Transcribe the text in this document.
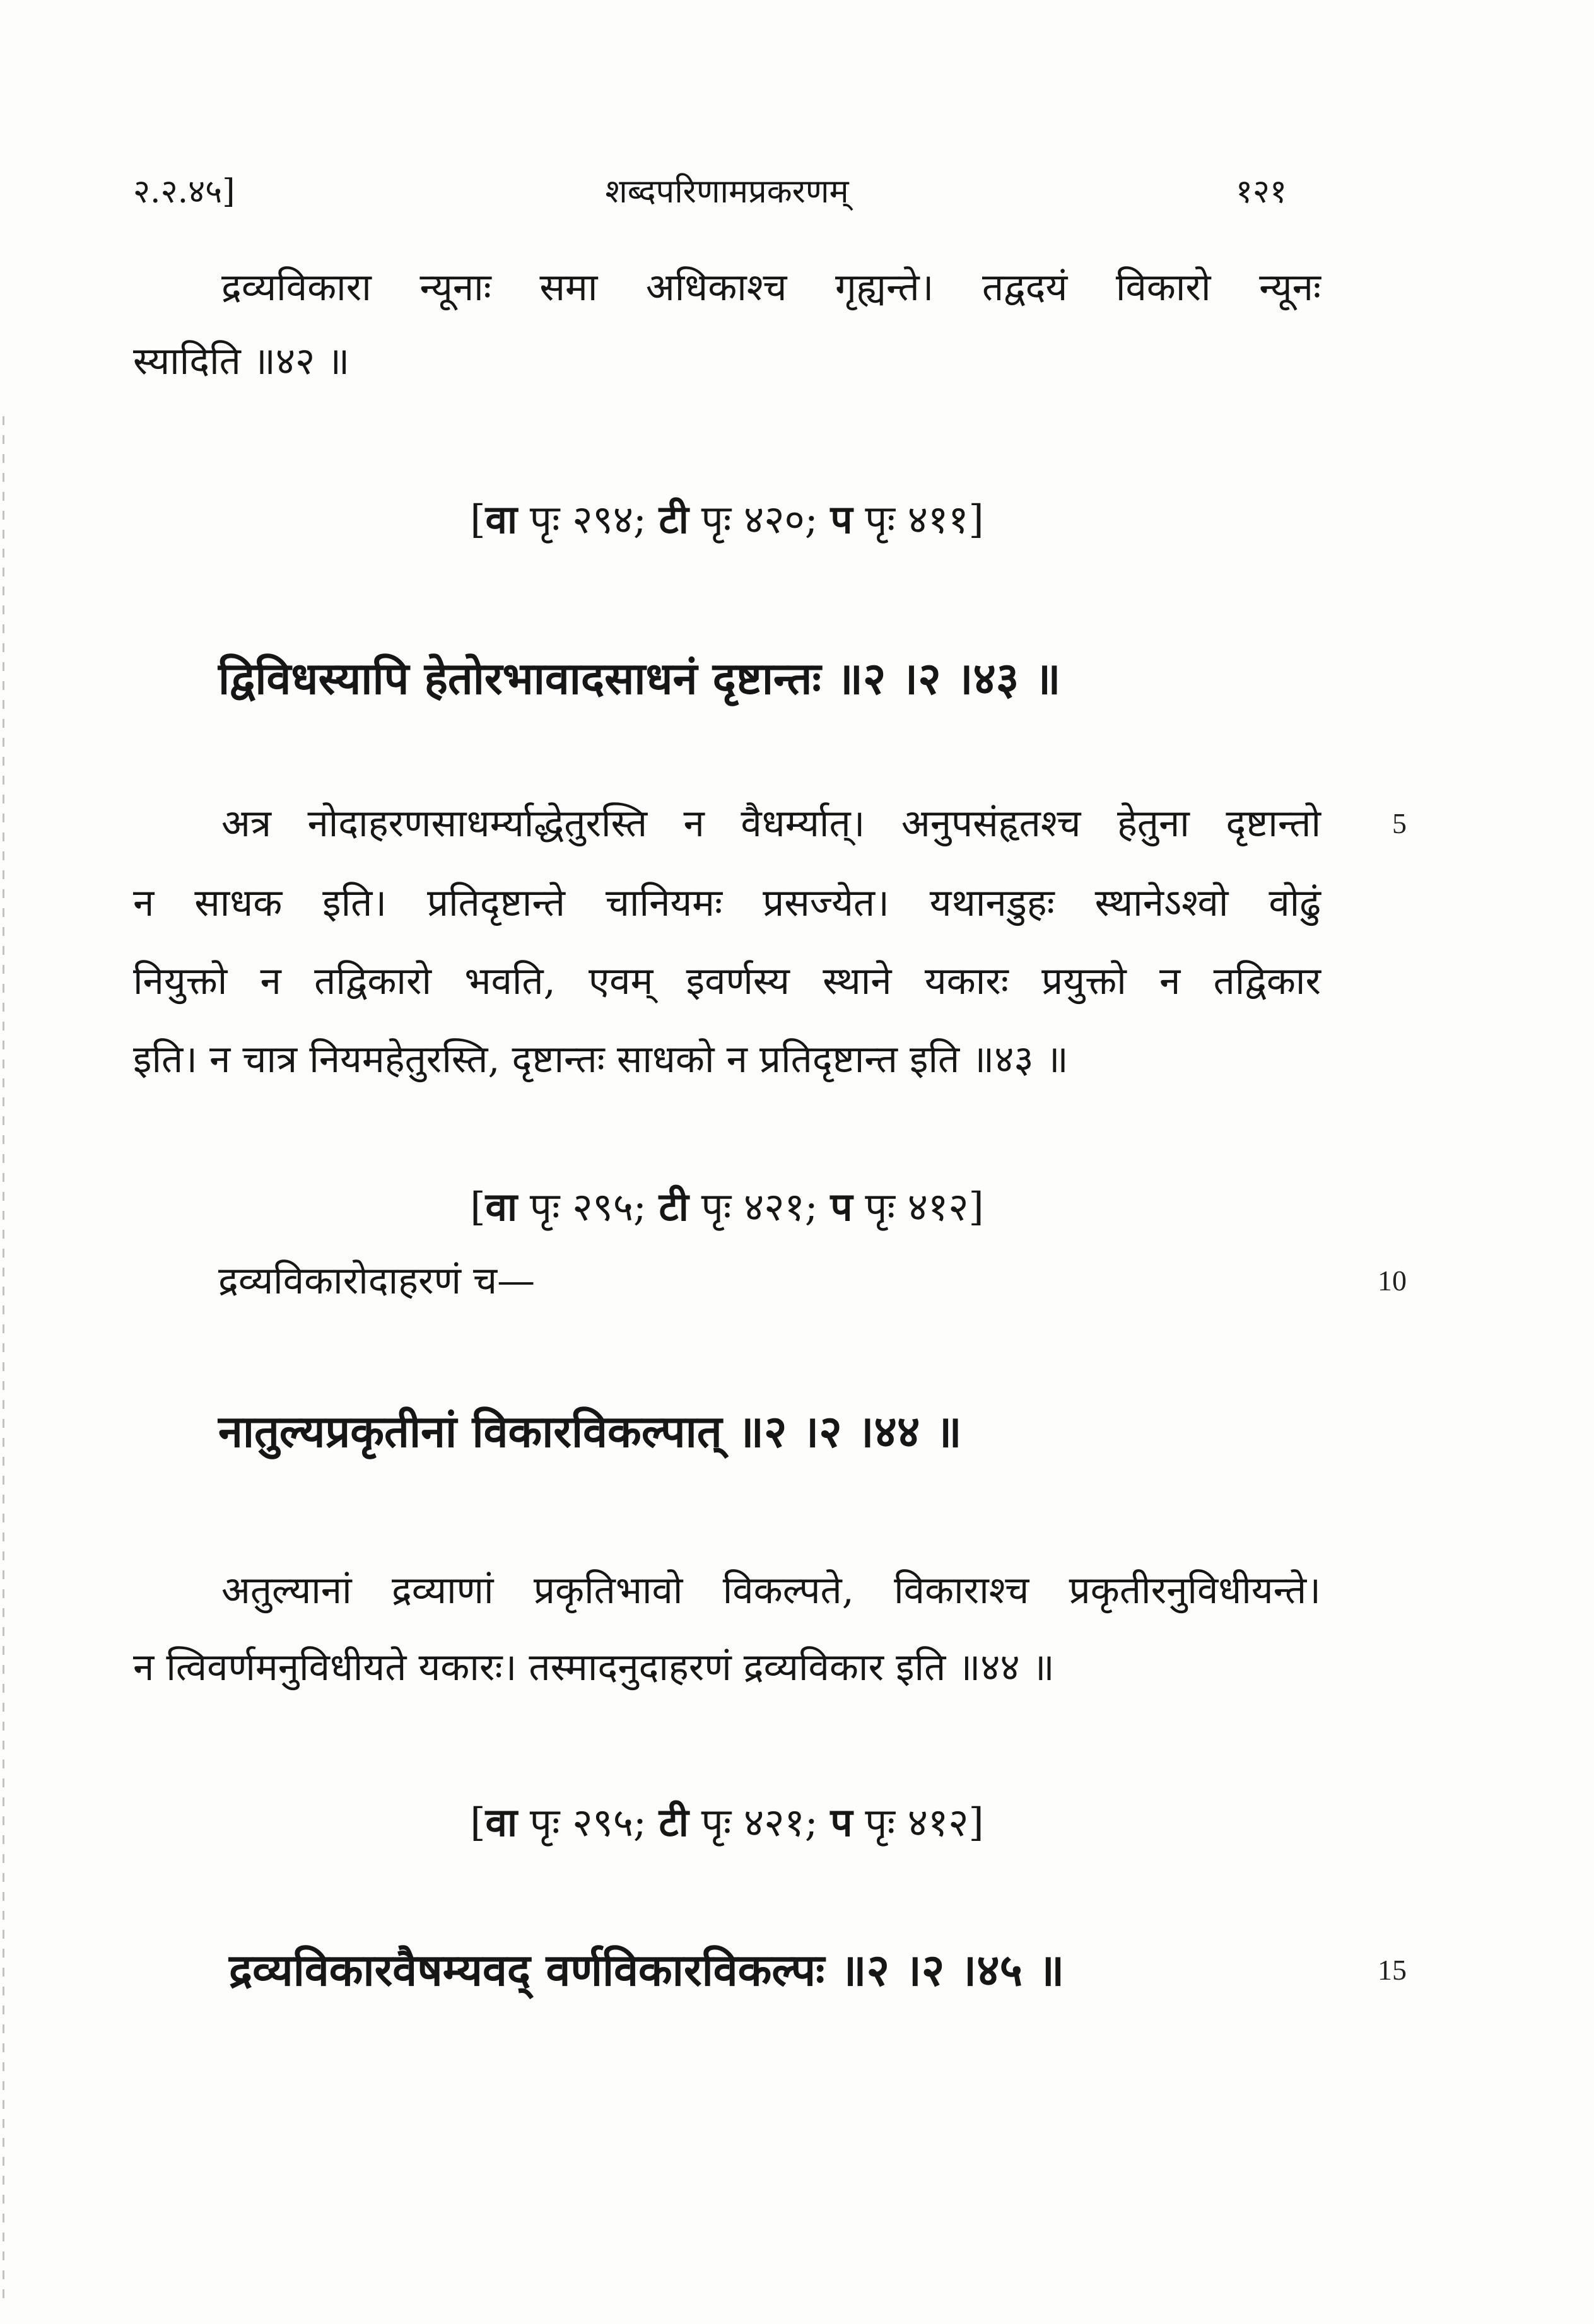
२.२.४५]	शब्दपरिणामप्रकरणम्	१२१
द्रव्यविकारा न्यूनाः समा अधिकाश्च गृह्यन्ते। तद्वदयं विकारो न्यूनः
स्यादिति ॥४२ ॥
[वा पृः २९४; टी पृः ४२०; प पृः ४११]
द्विविधस्यापि हेतोरभावादसाधनं दृष्टान्तः ॥२ ।२ ।४३ ॥
अत्र नोदाहरणसाधर्म्याद्धेतुरस्ति न वैधर्म्यात्। अनुपसंहृतश्च हेतुना दृष्टान्तो	5
न साधक इति। प्रतिदृष्टान्ते चानियमः प्रसज्येत। यथानडुहः स्थानेऽश्वो वोढुं
नियुक्तो न तद्विकारो भवति, एवम् इवर्णस्य स्थाने यकारः प्रयुक्तो न तद्विकार
इति। न चात्र नियमहेतुरस्ति, दृष्टान्तः साधको न प्रतिदृष्टान्त इति ॥४३ ॥
[वा पृः २९५; टी पृः ४२१; प पृः ४१२]
द्रव्यविकारोदाहरणं च—	10
नातुल्यप्रकृतीनां विकारविकल्पात् ॥२ ।२ ।४४ ॥
अतुल्यानां द्रव्याणां प्रकृतिभावो विकल्पते, विकाराश्च प्रकृतीरनुविधीयन्ते।
न त्विवर्णमनुविधीयते यकारः। तस्मादनुदाहरणं द्रव्यविकार इति ॥४४ ॥
[वा पृः २९५; टी पृः ४२१; प पृः ४१२]
द्रव्यविकारवैषम्यवद् वर्णविकारविकल्पः ॥२ ।२ ।४५ ॥	15
